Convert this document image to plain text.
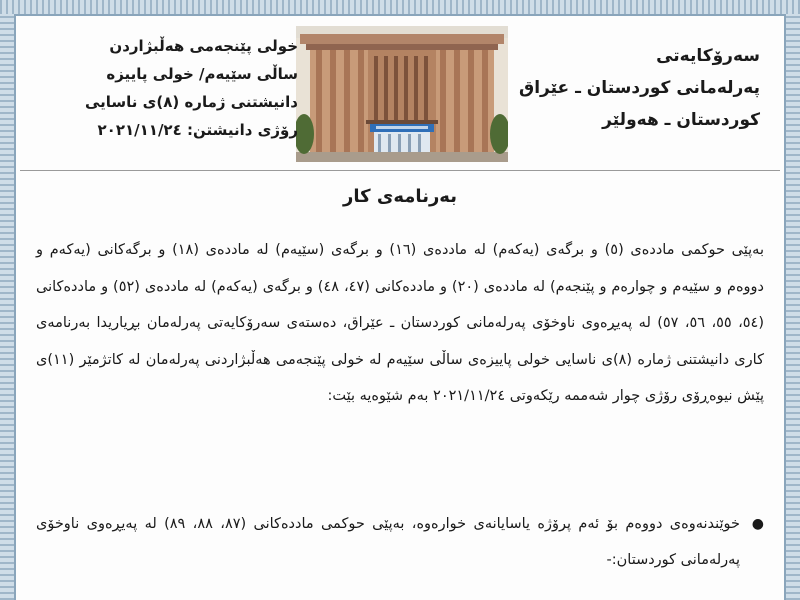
سەرۆكایەتی
پەرلەمانی كوردستان ـ عێراق
كوردستان ـ هەولێر
خولی پێنجەمی هەڵبژاردن
ساڵی سێیەم/ خولی پاییزە
دانیشتنی ژمارە (٨)ی ناسایی
رۆژی دانیشتن: ٢٠٢١/١١/٢٤
بەرنامەی كار
بەپێی حوكمی ماددەی (٥) و برگەی (یەكەم) لە ماددەی (١٦) و برگەی (سێیەم) لە ماددەی (١٨) و برگەكانی (یەكەم و دووەم و سێیەم و چوارەم و پێنجەم) لە ماددەی (٢٠) و ماددەكانی (٤٧، ٤٨) و برگەی (یەكەم) لە ماددەی (٥٢) و ماددەكانی (٥٤، ٥٥، ٥٦، ٥٧) لە پەیڕەوی ناوخۆی پەرلەمانی كوردستان ـ عێراق، دەستەی سەرۆكایەتی پەرلەمان بڕیاریدا بەرنامەی كاری دانیشتنی ژمارە (٨)ی ناسایی خولی پاییزەی ساڵی سێیەم لە خولی پێنجەمی هەڵبژاردنی پەرلەمان لە كاتژمێر (١١)ی پێش نیوەڕۆی رۆژی چوار شەممە رێكەوتی ٢٠٢١/١١/٢٤ بەم شێوەیە بێت:
●
خوێندنەوەی دووەم بۆ ئەم پرۆژە یاسایانەی خوارەوە، بەپێی حوكمی ماددەكانی (٨٧، ٨٨، ٨٩) لە پەیڕەوی ناوخۆی پەرلەمانی كوردستان:-
